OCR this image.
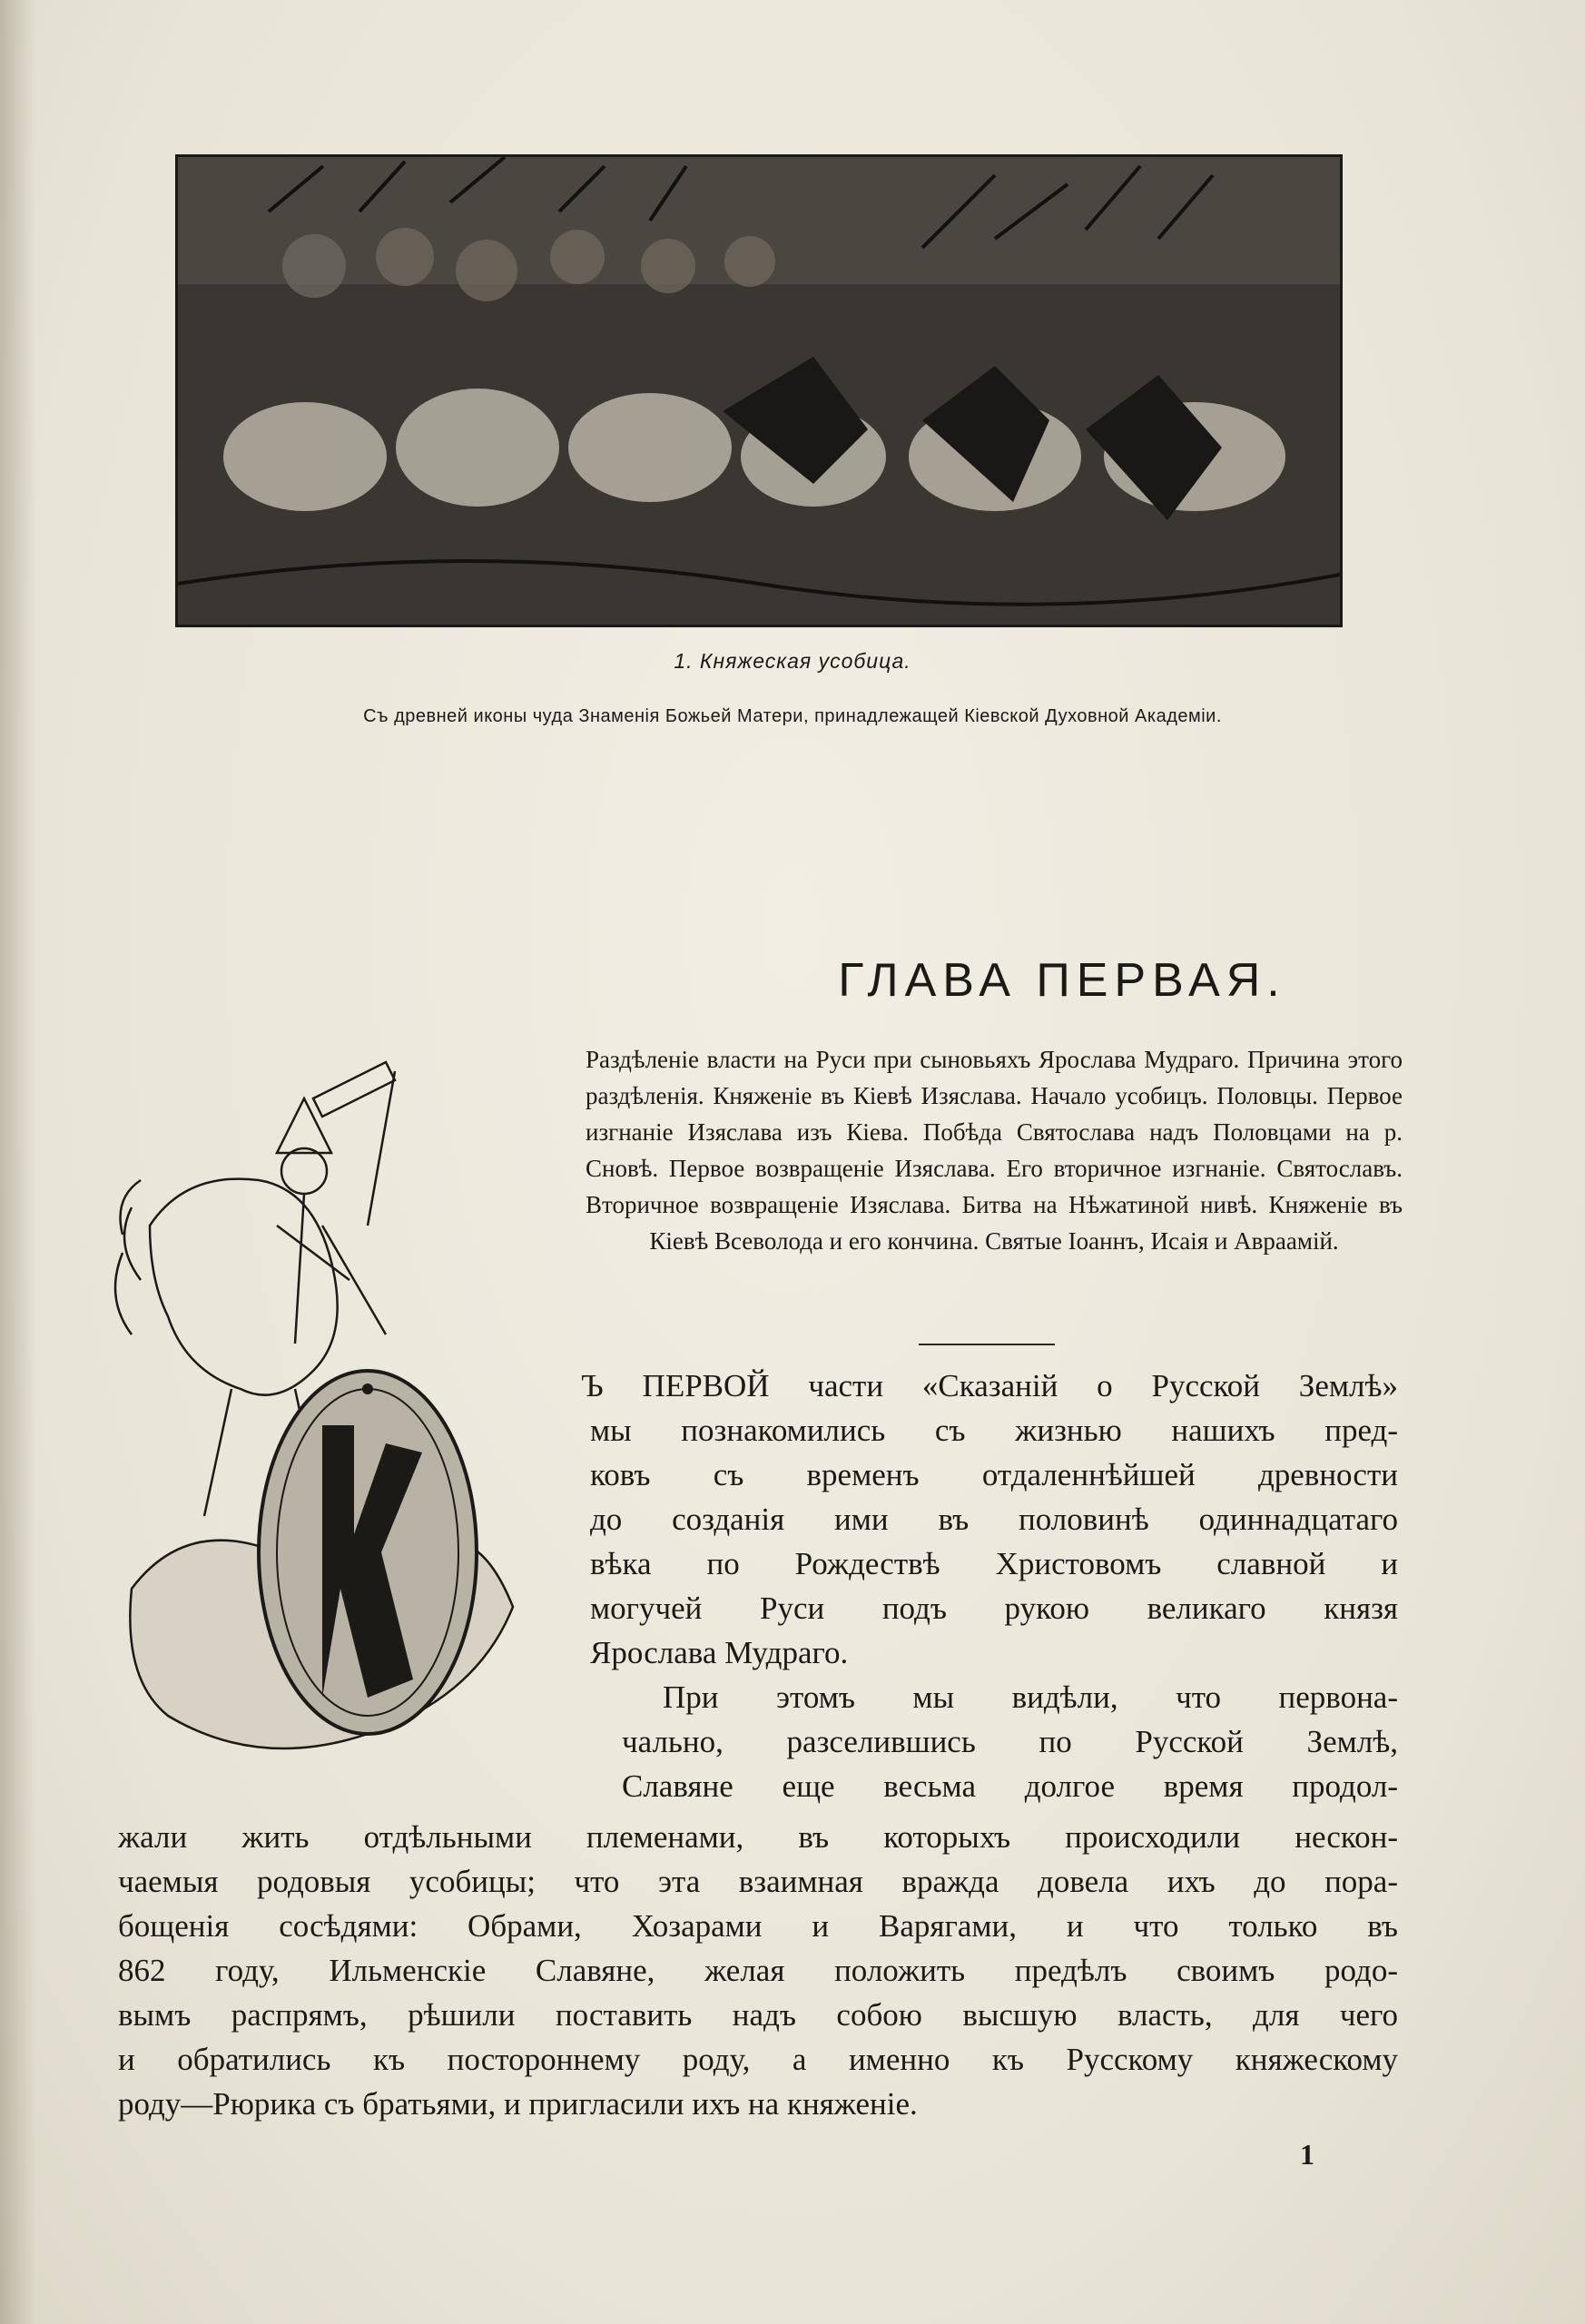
1. Княжеская усобица.
Съ древней иконы чуда Знаменія Божьей Матери, принадлежащей Кіевской Духовной Академіи.
ГЛАВА ПЕРВАЯ.
Раздѣленіе власти на Руси при сыновьяхъ Ярослава Мудраго. Причина этого раздѣленія. Княженіе въ Кіевѣ Изяслава. Начало усобицъ. Половцы. Первое изгнаніе Изяслава изъ Кіева. Побѣда Святослава надъ Половцами на р. Сновѣ. Первое возвращеніе Изяслава. Его вторичное изгнаніе. Святославъ. Вторичное возвращеніе Изяслава. Битва на Нѣжатиной нивѣ. Княженіе въ Кіевѣ Всеволода и его кончина. Святые Іоаннъ, Исаія и Авраамій.
Ъ ПЕРВОЙ части «Сказаній о Русской Землѣ»
мы познакомились съ жизнью нашихъ пред-
ковъ съ временъ отдаленнѣйшей древности
до созданія ими въ половинѣ одиннадцатаго
вѣка по Рождествѣ Христовомъ славной и
могучей Руси подъ рукою великаго князя
Ярослава Мудраго.
При этомъ мы видѣли, что первона-
чально, разселившись по Русской Землѣ,
Славяне еще весьма долгое время продол-
жали жить отдѣльными племенами, въ которыхъ происходили нескон-
чаемыя родовыя усобицы; что эта взаимная вражда довела ихъ до пора-
бощенія сосѣдями: Обрами, Хозарами и Варягами, и что только въ
862 году, Ильменскіе Славяне, желая положить предѣлъ своимъ родо-
вымъ распрямъ, рѣшили поставить надъ собою высшую власть, для чего
и обратились къ постороннему роду, а именно къ Русскому княжескому
роду—Рюрика съ братьями, и пригласили ихъ на княженіе.
1
